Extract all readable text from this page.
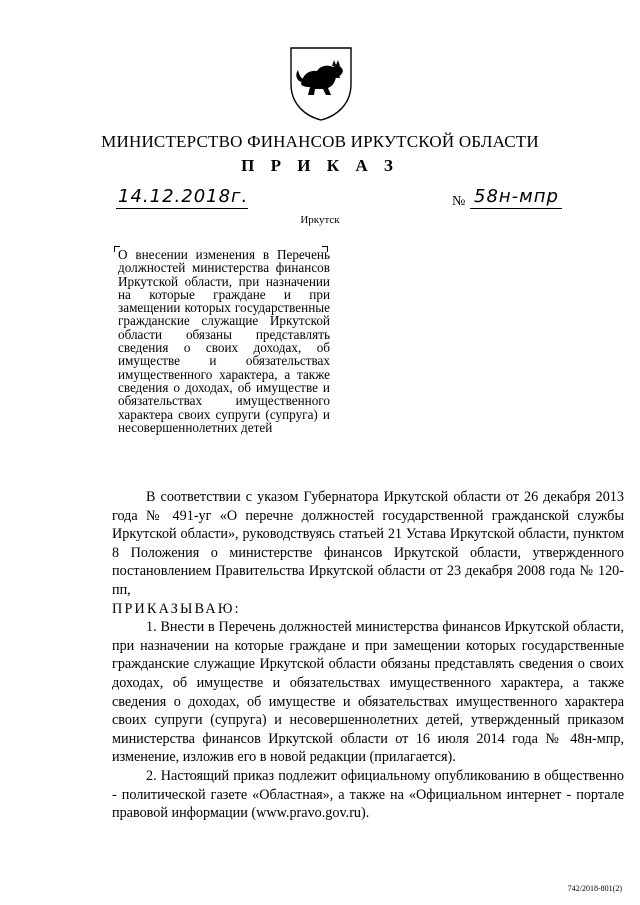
МИНИСТЕРСТВО ФИНАНСОВ ИРКУТСКОЙ ОБЛАСТИ
П Р И К А З
14.12.2018г.	№ 58н-мпр
Иркутск
О внесении изменения в Перечень должностей министерства финансов Иркутской области, при назначении на которые граждане и при замещении которых государственные гражданские служащие Иркутской области обязаны представлять сведения о своих доходах, об имуществе и обязательствах имущественного характера, а также сведения о доходах, об имуществе и обязательствах имущественного характера своих супруги (супруга) и несовершеннолетних детей

В соответствии с указом Губернатора Иркутской области от 26 декабря 2013 года № 491-уг «О перечне должностей государственной гражданской службы Иркутской области», руководствуясь статьей 21 Устава Иркутской области, пунктом 8 Положения о министерстве финансов Иркутской области, утвержденного постановлением Правительства Иркутской области от 23 декабря 2008 года № 120-пп,

ПРИКАЗЫВАЮ:

1. Внести в Перечень должностей министерства финансов Иркутской области, при назначении на которые граждане и при замещении которых государственные гражданские служащие Иркутской области обязаны представлять сведения о своих доходах, об имуществе и обязательствах имущественного характера, а также сведения о доходах, об имуществе и обязательствах имущественного характера своих супруги (супруга) и несовершеннолетних детей, утвержденный приказом министерства финансов Иркутской области от 16 июля 2014 года № 48н-мпр, изменение, изложив его в новой редакции (прилагается).

2. Настоящий приказ подлежит официальному опубликованию в общественно - политической газете «Областная», а также на «Официальном интернет - портале правовой информации (www.pravo.gov.ru).

742/2018-801(2)
